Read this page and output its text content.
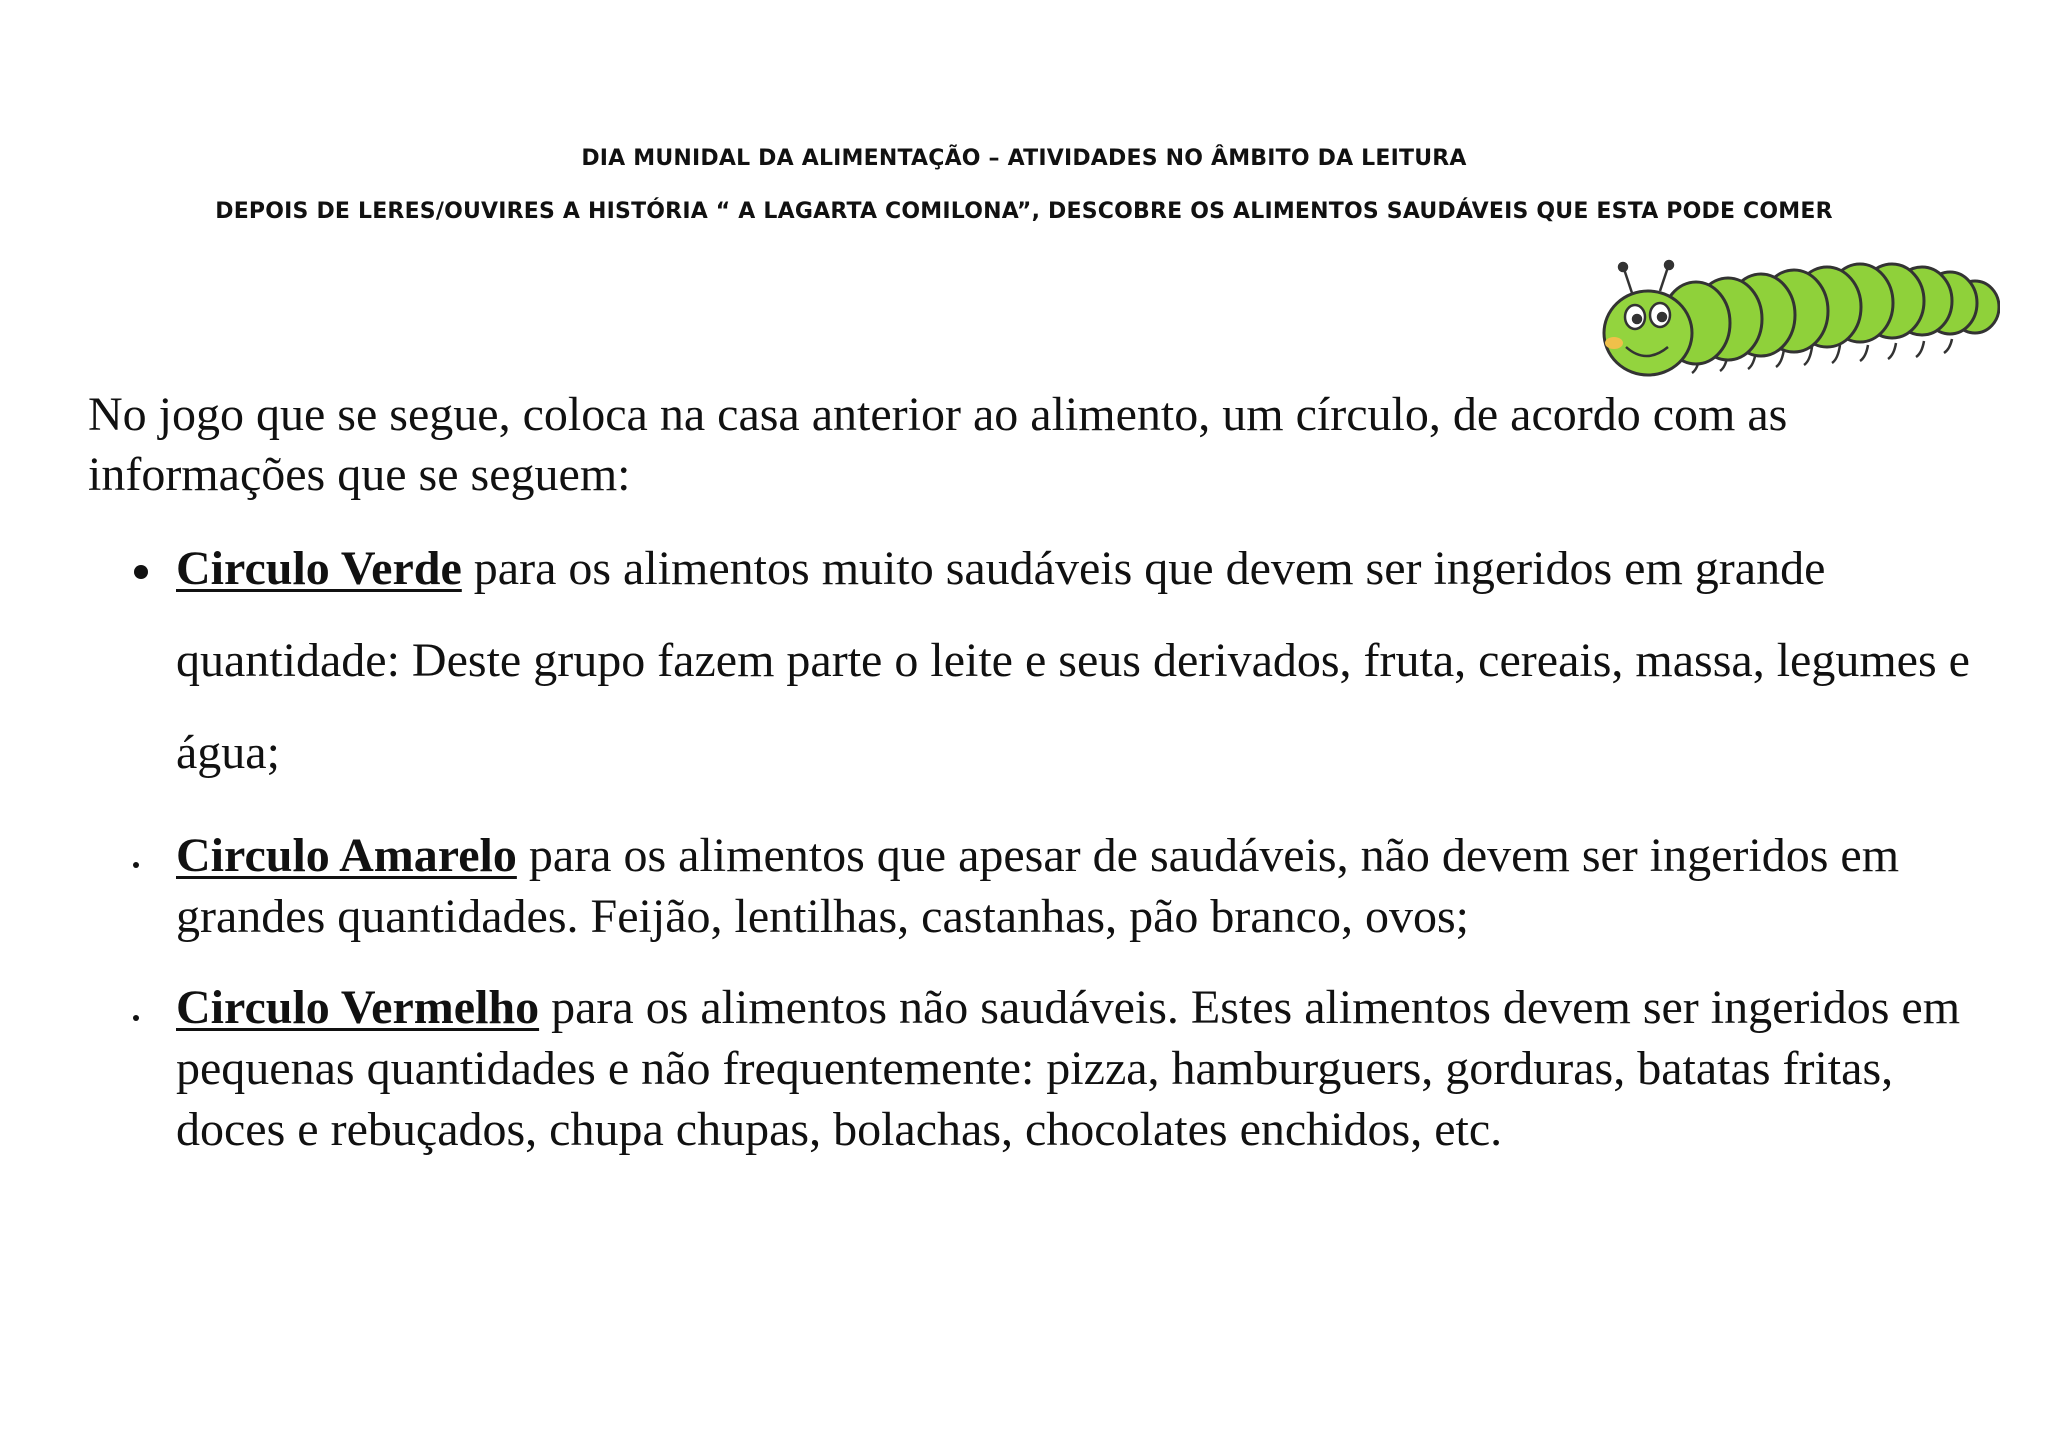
DIA MUNIDAL DA ALIMENTAÇÃO – ATIVIDADES NO ÂMBITO DA LEITURA
DEPOIS DE LERES/OUVIRES A HISTÓRIA “ A LAGARTA COMILONA”, DESCOBRE OS ALIMENTOS SAUDÁVEIS QUE ESTA PODE COMER
No jogo que se segue, coloca na casa anterior ao alimento, um círculo, de acordo com as informações que se seguem:
Circulo Verde para os alimentos muito saudáveis que devem ser ingeridos em grande quantidade: Deste grupo fazem parte o leite e seus derivados, fruta, cereais, massa, legumes e água;
Circulo Amarelo para os alimentos que apesar de saudáveis, não devem ser ingeridos em grandes quantidades. Feijão, lentilhas, castanhas, pão branco, ovos;
Circulo Vermelho para os alimentos não saudáveis. Estes alimentos devem ser ingeridos em pequenas quantidades e não frequentemente: pizza, hamburguers, gorduras, batatas fritas, doces e rebuçados, chupa chupas, bolachas, chocolates enchidos, etc.
